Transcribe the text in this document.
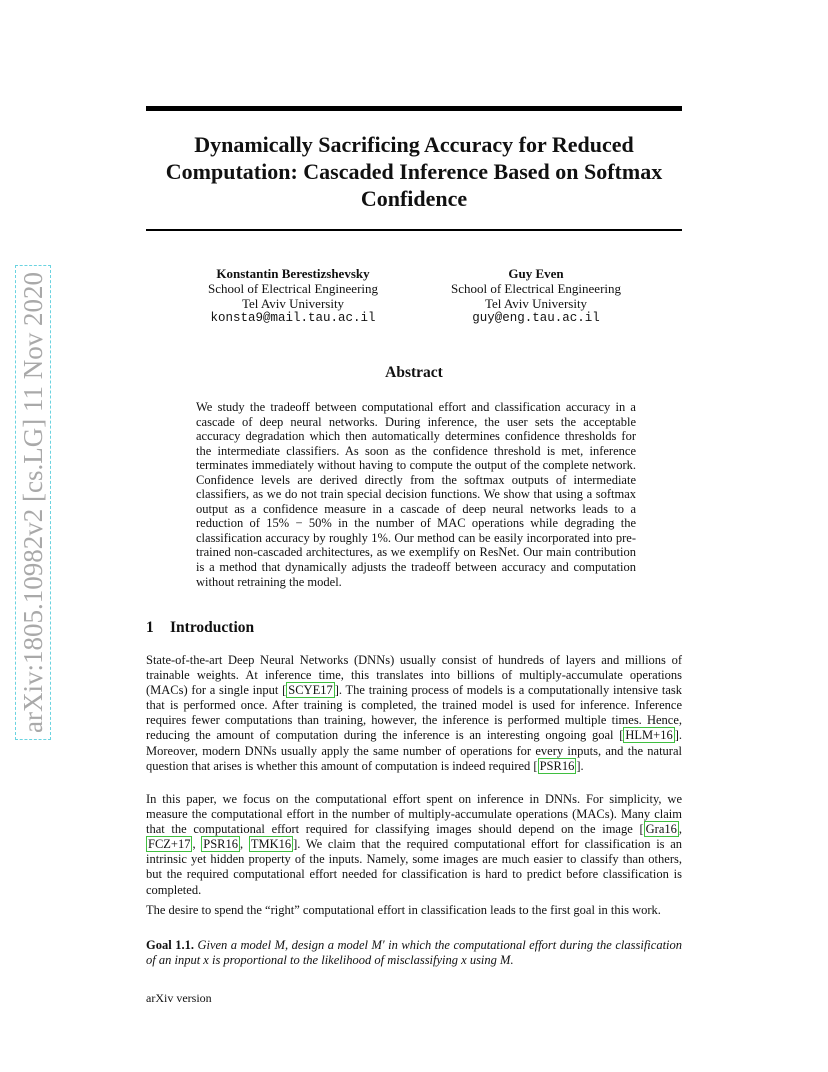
arXiv:1805.10982v2 [cs.LG] 11 Nov 2020
Dynamically Sacrificing Accuracy for Reduced Computation: Cascaded Inference Based on Softmax Confidence
Konstantin Berestizshevsky
School of Electrical Engineering
Tel Aviv University
konsta9@mail.tau.ac.il
Guy Even
School of Electrical Engineering
Tel Aviv University
guy@eng.tau.ac.il
Abstract

We study the tradeoff between computational effort and classification accuracy in a cascade of deep neural networks. During inference, the user sets the acceptable accuracy degradation which then automatically determines confidence thresholds for the intermediate classifiers. As soon as the confidence threshold is met, inference terminates immediately without having to compute the output of the complete network. Confidence levels are derived directly from the softmax outputs of intermediate classifiers, as we do not train special decision functions. We show that using a softmax output as a confidence measure in a cascade of deep neural networks leads to a reduction of 15% − 50% in the number of MAC operations while degrading the classification accuracy by roughly 1%. Our method can be easily incorporated into pre-trained non-cascaded architectures, as we exemplify on ResNet. Our main contribution is a method that dynamically adjusts the tradeoff between accuracy and computation without retraining the model.

1 Introduction

State-of-the-art Deep Neural Networks (DNNs) usually consist of hundreds of layers and millions of trainable weights. At inference time, this translates into billions of multiply-accumulate operations (MACs) for a single input [ SCYE17 ]. The training process of models is a computationally intensive task that is performed once. After training is completed, the trained model is used for inference. Inference requires fewer computations than training, however, the inference is performed multiple times. Hence, reducing the amount of computation during the inference is an interesting ongoing goal [ HLM+16 ]. Moreover, modern DNNs usually apply the same number of operations for every inputs, and the natural question that arises is whether this amount of computation is indeed required [ PSR16 ].

In this paper, we focus on the computational effort spent on inference in DNNs. For simplicity, we measure the computational effort in the number of multiply-accumulate operations (MACs). Many claim that the computational effort required for classifying images should depend on the image [ Gra16 , FCZ+17 , PSR16 , TMK16 ]. We claim that the required computational effort for classification is an intrinsic yet hidden property of the inputs. Namely, some images are much easier to classify than others, but the required computational effort needed for classification is hard to predict before classification is completed.

The desire to spend the “right” computational effort in classification leads to the first goal in this work.

Goal 1.1. Given a model M, design a model M′ in which the computational effort during the classification of an input x is proportional to the likelihood of misclassifying x using M.

arXiv version
